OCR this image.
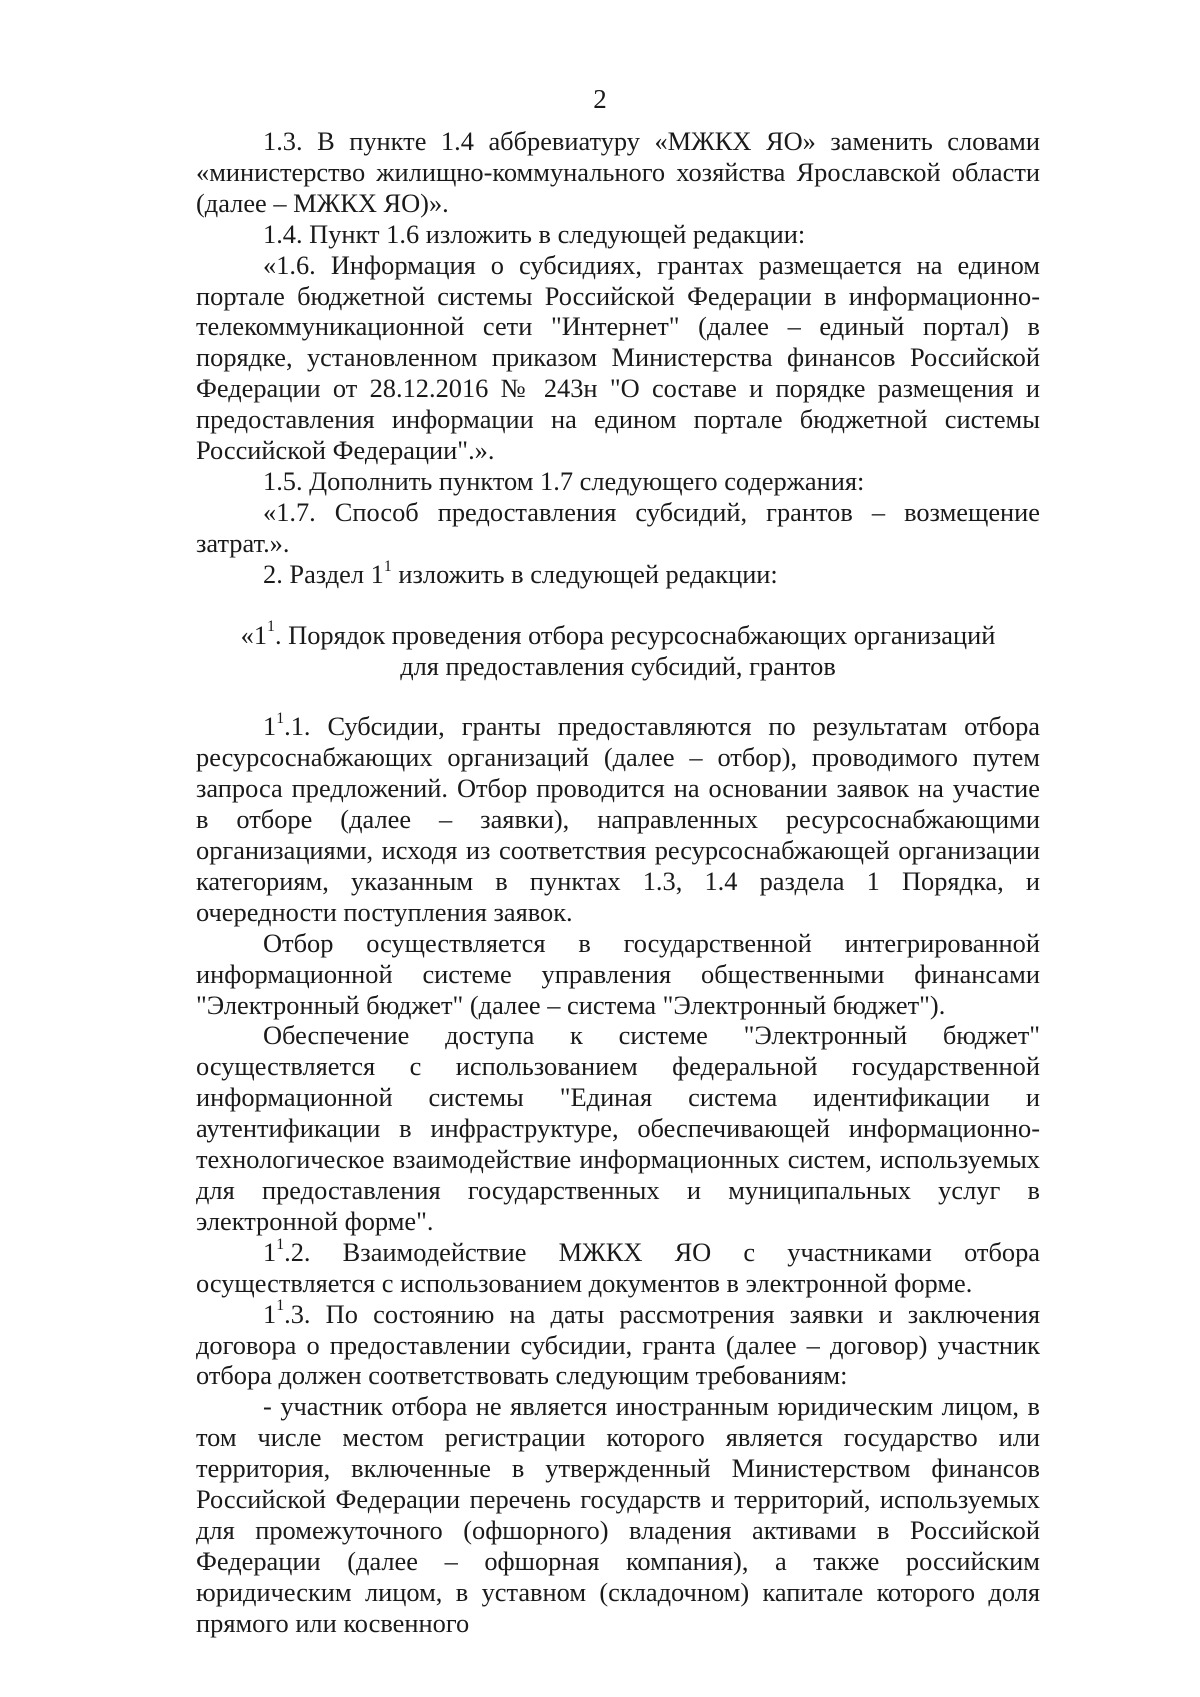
2

1.3. В пункте 1.4 аббревиатуру «МЖКХ ЯО» заменить словами «министерство жилищно-коммунального хозяйства Ярославской области (далее – МЖКХ ЯО)».

1.4. Пункт 1.6 изложить в следующей редакции:

«1.6. Информация о субсидиях, грантах размещается на едином портале бюджетной системы Российской Федерации в информационно-телекоммуникационной сети "Интернет" (далее – единый портал) в порядке, установленном приказом Министерства финансов Российской Федерации от 28.12.2016 № 243н "О составе и порядке размещения и предоставления информации на едином портале бюджетной системы Российской Федерации".».

1.5. Дополнить пунктом 1.7 следующего содержания:

«1.7. Способ предоставления субсидий, грантов – возмещение затрат.».

2. Раздел $1^1$ изложить в следующей редакции:

«$1^1$. Порядок проведения отбора ресурсоснабжающих организаций
для предоставления субсидий, грантов

$1^1.1$. Субсидии, гранты предоставляются по результатам отбора ресурсоснабжающих организаций (далее – отбор), проводимого путем запроса предложений. Отбор проводится на основании заявок на участие в отборе (далее – заявки), направленных ресурсоснабжающими организациями, исходя из соответствия ресурсоснабжающей организации категориям, указанным в пунктах 1.3, 1.4 раздела 1 Порядка, и очередности поступления заявок.

Отбор осуществляется в государственной интегрированной информационной системе управления общественными финансами "Электронный бюджет" (далее – система "Электронный бюджет").

Обеспечение доступа к системе "Электронный бюджет" осуществляется с использованием федеральной государственной информационной системы "Единая система идентификации и аутентификации в инфраструктуре, обеспечивающей информационно-технологическое взаимодействие информационных систем, используемых для предоставления государственных и муниципальных услуг в электронной форме".

$1^1.2$. Взаимодействие МЖКХ ЯО с участниками отбора осуществляется с использованием документов в электронной форме.

$1^1.3$. По состоянию на даты рассмотрения заявки и заключения договора о предоставлении субсидии, гранта (далее – договор) участник отбора должен соответствовать следующим требованиям:

- участник отбора не является иностранным юридическим лицом, в том числе местом регистрации которого является государство или территория, включенные в утвержденный Министерством финансов Российской Федерации перечень государств и территорий, используемых для промежуточного (офшорного) владения активами в Российской Федерации (далее – офшорная компания), а также российским юридическим лицом, в уставном (складочном) капитале которого доля прямого или косвенного
